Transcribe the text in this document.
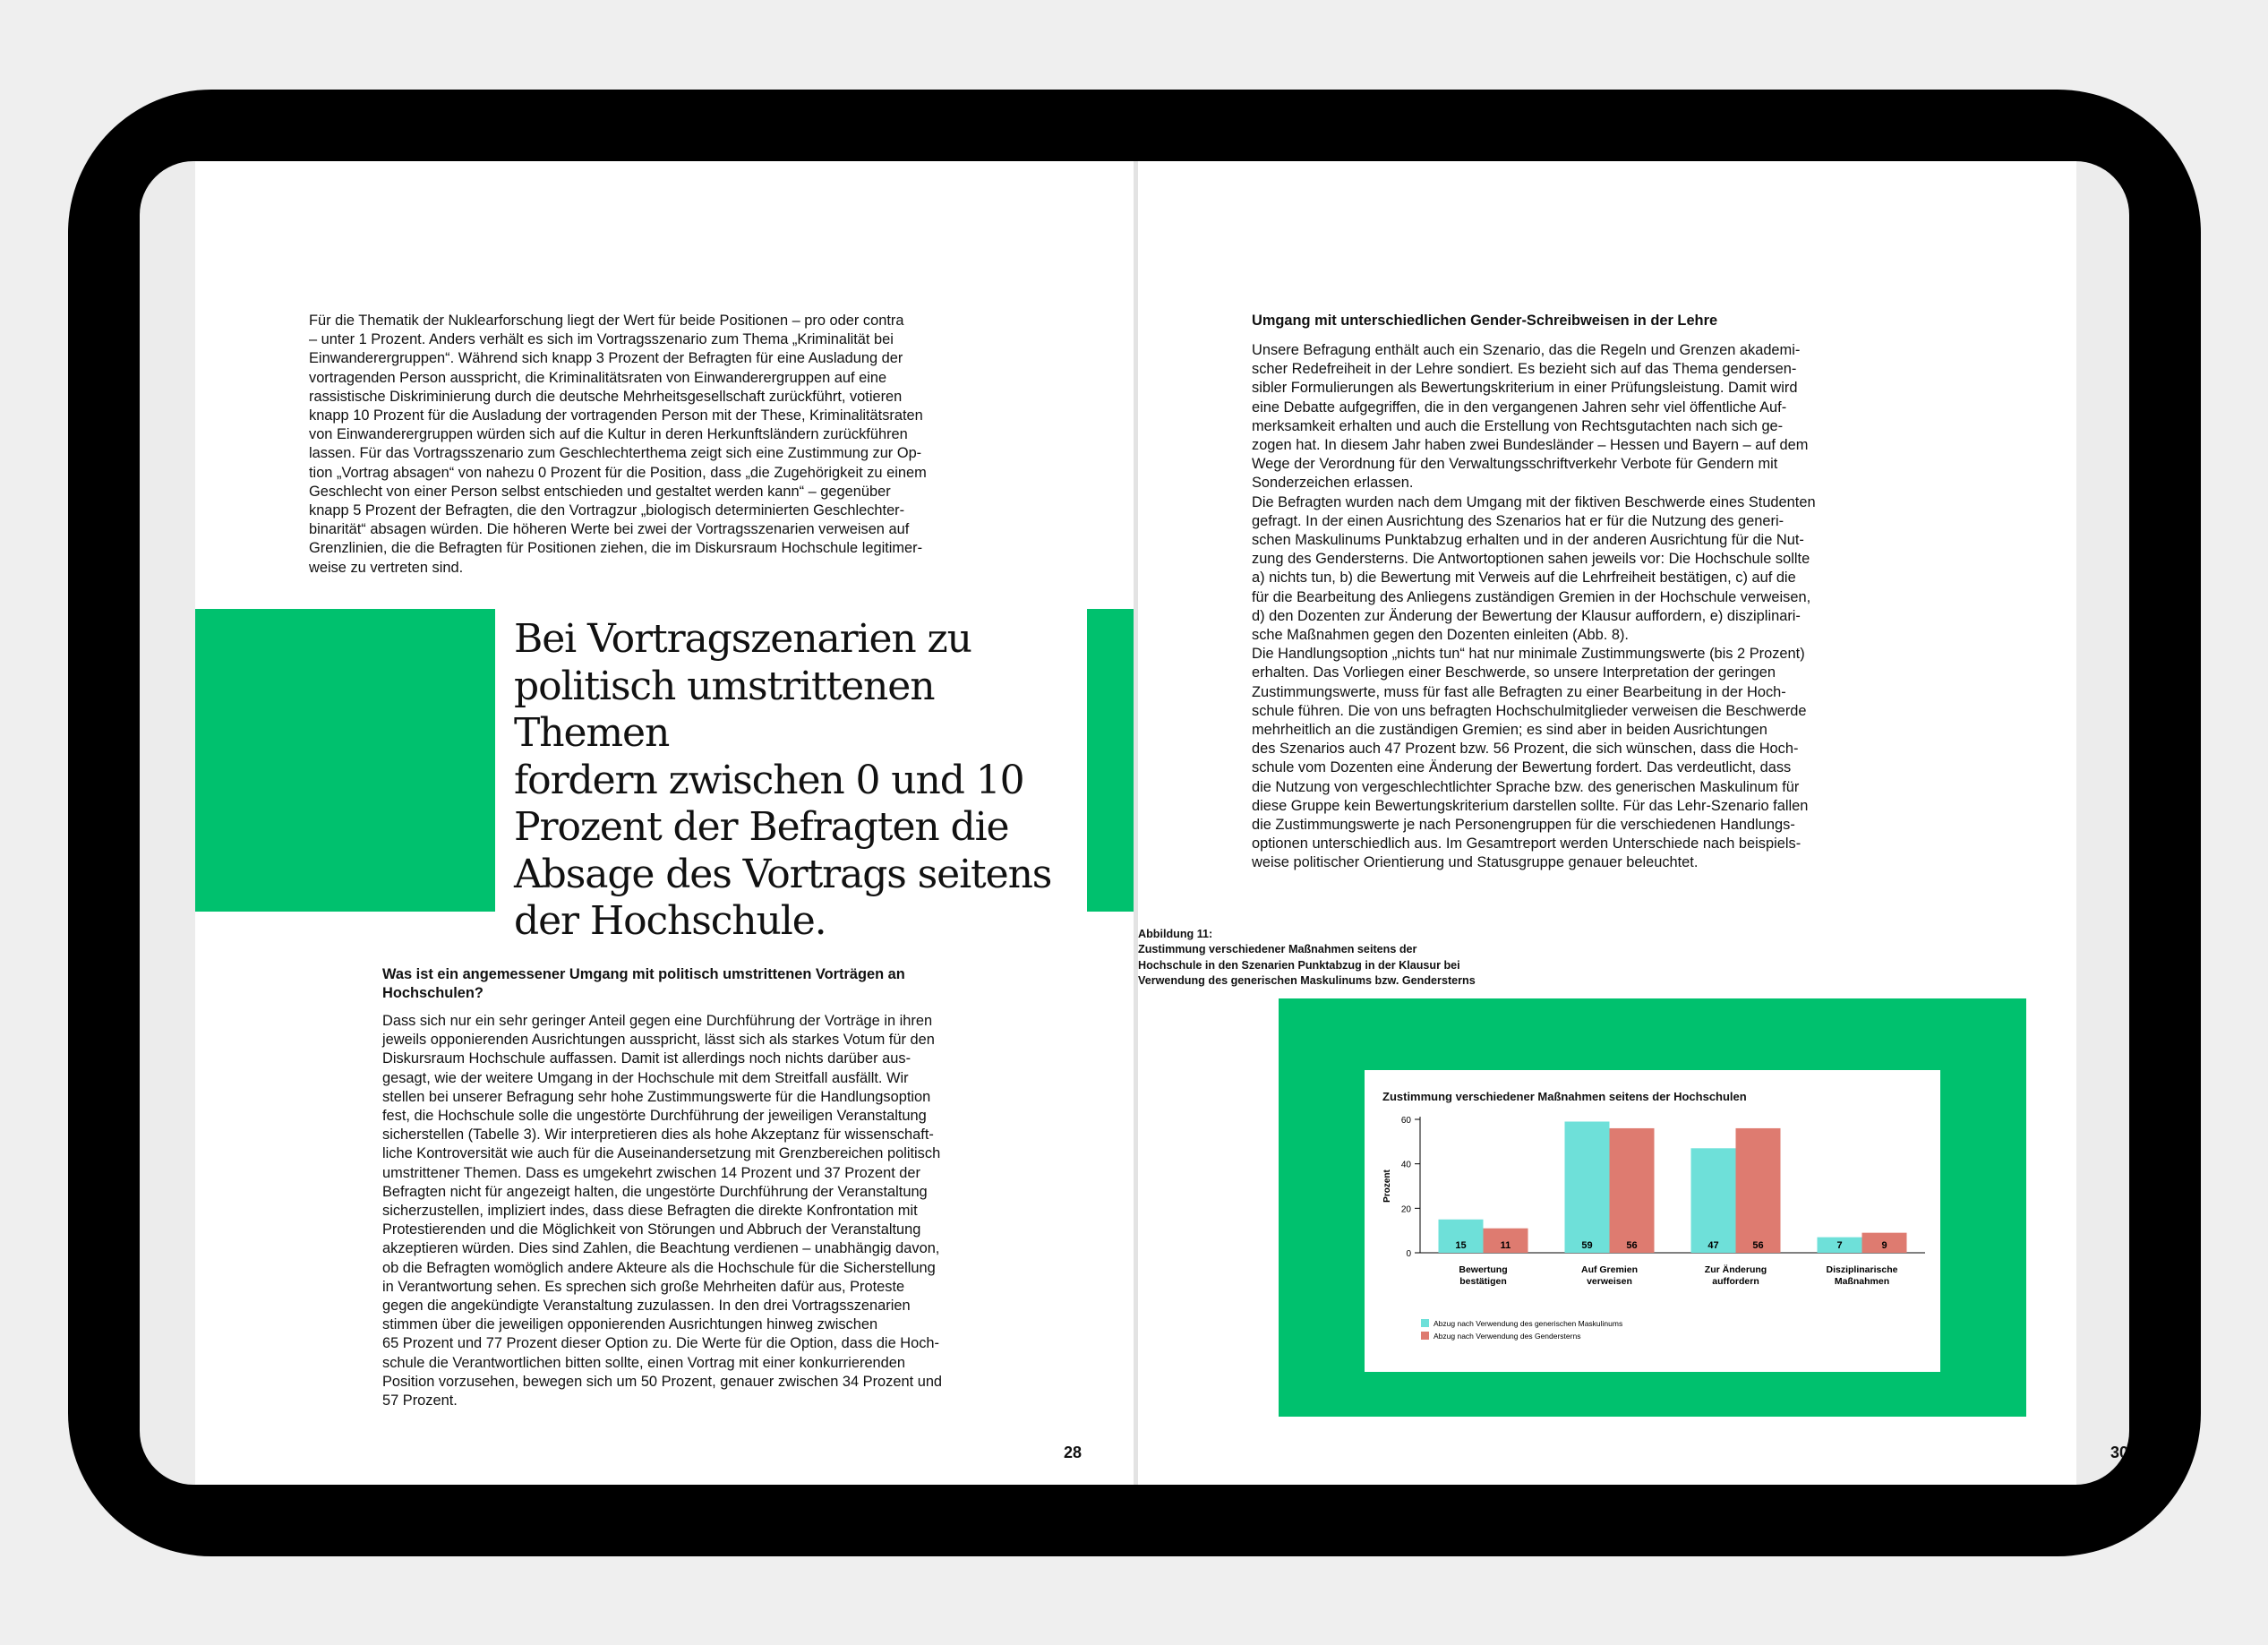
Für die Thematik der Nuklearforschung liegt der Wert für beide Positionen – pro oder contra
– unter 1 Prozent. Anders verhält es sich im Vortragsszenario zum Thema „Kriminalität bei
Einwanderergruppen“. Während sich knapp 3 Prozent der Befragten für eine Ausladung der
vortragenden Person ausspricht, die Kriminalitätsraten von Einwanderergruppen auf eine
rassistische Diskriminierung durch die deutsche Mehrheitsgesellschaft zurückführt, votieren
knapp 10 Prozent für die Ausladung der vortragenden Person mit der These, Kriminalitätsraten
von Einwanderergruppen würden sich auf die Kultur in deren Herkunftsländern zurückführen
lassen. Für das Vortragsszenario zum Geschlechterthema zeigt sich eine Zustimmung zur Op-
tion „Vortrag absagen“ von nahezu 0 Prozent für die Position, dass „die Zugehörigkeit zu einem
Geschlecht von einer Person selbst entschieden und gestaltet werden kann“ – gegenüber
knapp 5 Prozent der Befragten, die den Vortragzur „biologisch determinierten Geschlechter-
binarität“ absagen würden. Die höheren Werte bei zwei der Vortragsszenarien verweisen auf
Grenzlinien, die die Befragten für Positionen ziehen, die im Diskursraum Hochschule legitimer-
weise zu vertreten sind.

Bei Vortragszenarien zu
politisch umstrittenen Themen
fordern zwischen 0 und 10
Prozent der Befragten die
Absage des Vortrags seitens
der Hochschule.

Was ist ein angemessener Umgang mit politisch umstrittenen Vorträgen an
Hochschulen?

Dass sich nur ein sehr geringer Anteil gegen eine Durchführung der Vorträge in ihren
jeweils opponierenden Ausrichtungen ausspricht, lässt sich als starkes Votum für den
Diskursraum Hochschule auffassen. Damit ist allerdings noch nichts darüber aus-
gesagt, wie der weitere Umgang in der Hochschule mit dem Streitfall ausfällt. Wir
stellen bei unserer Befragung sehr hohe Zustimmungswerte für die Handlungsoption
fest, die Hochschule solle die ungestörte Durchführung der jeweiligen Veranstaltung
sicherstellen (Tabelle 3). Wir interpretieren dies als hohe Akzeptanz für wissenschaft-
liche Kontroversität wie auch für die Auseinandersetzung mit Grenzbereichen politisch
umstrittener Themen. Dass es umgekehrt zwischen 14 Prozent und 37 Prozent der
Befragten nicht für angezeigt halten, die ungestörte Durchführung der Veranstaltung
sicherzustellen, impliziert indes, dass diese Befragten die direkte Konfrontation mit
Protestierenden und die Möglichkeit von Störungen und Abbruch der Veranstaltung
akzeptieren würden. Dies sind Zahlen, die Beachtung verdienen – unabhängig davon,
ob die Befragten womöglich andere Akteure als die Hochschule für die Sicherstellung
in Verantwortung sehen. Es sprechen sich große Mehrheiten dafür aus, Proteste
gegen die angekündigte Veranstaltung zuzulassen. In den drei Vortragsszenarien
stimmen über die jeweiligen opponierenden Ausrichtungen hinweg zwischen
65 Prozent und 77 Prozent dieser Option zu. Die Werte für die Option, dass die Hoch-
schule die Verantwortlichen bitten sollte, einen Vortrag mit einer konkurrierenden
Position vorzusehen, bewegen sich um 50 Prozent, genauer zwischen 34 Prozent und
57 Prozent.

28

Umgang mit unterschiedlichen Gender-Schreibweisen in der Lehre

Unsere Befragung enthält auch ein Szenario, das die Regeln und Grenzen akademi-
scher Redefreiheit in der Lehre sondiert. Es bezieht sich auf das Thema gendersen-
sibler Formulierungen als Bewertungskriterium in einer Prüfungsleistung. Damit wird
eine Debatte aufgegriffen, die in den vergangenen Jahren sehr viel öffentliche Auf-
merksamkeit erhalten und auch die Erstellung von Rechtsgutachten nach sich ge-
zogen hat. In diesem Jahr haben zwei Bundesländer – Hessen und Bayern – auf dem
Wege der Verordnung für den Verwaltungsschriftverkehr Verbote für Gendern mit
Sonderzeichen erlassen.
Die Befragten wurden nach dem Umgang mit der fiktiven Beschwerde eines Studenten
gefragt. In der einen Ausrichtung des Szenarios hat er für die Nutzung des generi-
schen Maskulinums Punktabzug erhalten und in der anderen Ausrichtung für die Nut-
zung des Gendersterns. Die Antwortoptionen sahen jeweils vor: Die Hochschule sollte
a) nichts tun, b) die Bewertung mit Verweis auf die Lehrfreiheit bestätigen, c) auf die
für die Bearbeitung des Anliegens zuständigen Gremien in der Hochschule verweisen,
d) den Dozenten zur Änderung der Bewertung der Klausur auffordern, e) disziplinari-
sche Maßnahmen gegen den Dozenten einleiten (Abb. 8).
Die Handlungsoption „nichts tun“ hat nur minimale Zustimmungswerte (bis 2 Prozent)
erhalten. Das Vorliegen einer Beschwerde, so unsere Interpretation der geringen
Zustimmungswerte, muss für fast alle Befragten zu einer Bearbeitung in der Hoch-
schule führen. Die von uns befragten Hochschulmitglieder verweisen die Beschwerde
mehrheitlich an die zuständigen Gremien; es sind aber in beiden Ausrichtungen
des Szenarios auch 47 Prozent bzw. 56 Prozent, die sich wünschen, dass die Hoch-
schule vom Dozenten eine Änderung der Bewertung fordert. Das verdeutlicht, dass
die Nutzung von vergeschlechtlichter Sprache bzw. des generischen Maskulinum für
diese Gruppe kein Bewertungskriterium darstellen sollte. Für das Lehr-Szenario fallen
die Zustimmungswerte je nach Personengruppen für die verschiedenen Handlungs-
optionen unterschiedlich aus. Im Gesamtreport werden Unterschiede nach beispiels-
weise politischer Orientierung und Statusgruppe genauer beleuchtet.

Abbildung 11:
Zustimmung verschiedener Maßnahmen seitens der
Hochschule in den Szenarien Punktabzug in der Klausur bei
Verwendung des generischen Maskulinums bzw. Gendersterns

Zustimmung verschiedener Maßnahmen seitens der Hochschulen
0
20
40
60
Prozent
15	11
Bewertung
bestätigen
59	56
Auf Gremien
verweisen
47	56
Zur Änderung
auffordern
7	9
Disziplinarische
Maßnahmen
Abzug nach Verwendung des generischen Maskulinums
Abzug nach Verwendung des Gendersterns
30
